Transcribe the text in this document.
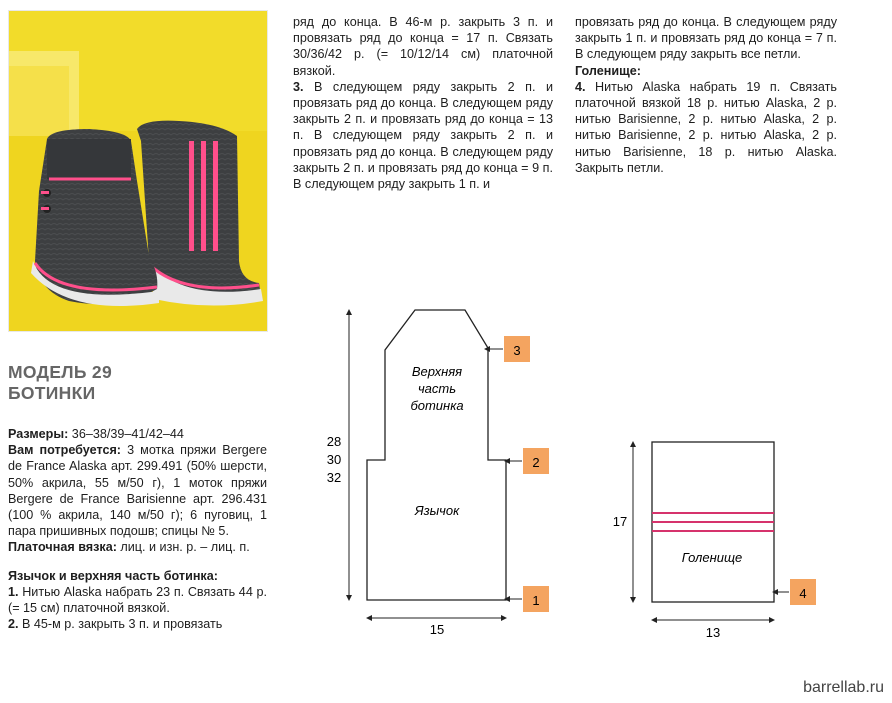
МОДЕЛЬ 29
БОТИНКИ

Размеры: 36–38/39–41/42–44

Вам потребуется: 3 мотка пряжи Bergere de France Alaska арт. 299.491 (50% шерсти, 50% акрила, 55 м/50 г), 1 моток пряжи Bergere de France Barisienne арт. 296.431 (100 % акрила, 140 м/50 г); 6 пуговиц, 1 пара пришивных подошв; спицы № 5.

Платочная вязка: лиц. и изн. р. – лиц. п.

Язычок и верхняя часть ботинка:

1. Нитью Alaska набрать 23 п. Связать 44 р. (= 15 см) платочной вязкой.

2. В 45-м р. закрыть 3 п. и провязать

ряд до конца. В 46-м р. закрыть 3 п. и провязать ряд до конца = 17 п. Связать 30/36/42 р. (= 10/12/14 см) платочной вязкой.

3. В следующем ряду закрыть 2 п. и провязать ряд до конца. В следующем ряду закрыть 2 п. и провязать ряд до конца = 13 п. В следующем ряду закрыть 2 п. и провязать ряд до конца. В следующем ряду закрыть 2 п. и провязать ряд до конца = 9 п. В следующем ряду закрыть 1 п. и

провязать ряд до конца. В следующем ряду закрыть 1 п. и провязать ряд до конца = 7 п. В следующем ряду закрыть все петли.

Голенище:

4. Нитью Alaska набрать 19 п. Связать платочной вязкой 18 р. нитью Alaska, 2 р. нитью Barisienne, 2 р. нитью Alaska, 2 р. нитью Barisienne, 2 р. нитью Alaska, 2 р. нитью Barisienne, 18 р. нитью Alaska. Закрыть петли.

28
30
32
15
Верхняя
часть
ботинка
Язычок
3
2
1
Голенище
17
13
4
barrellab.ru
